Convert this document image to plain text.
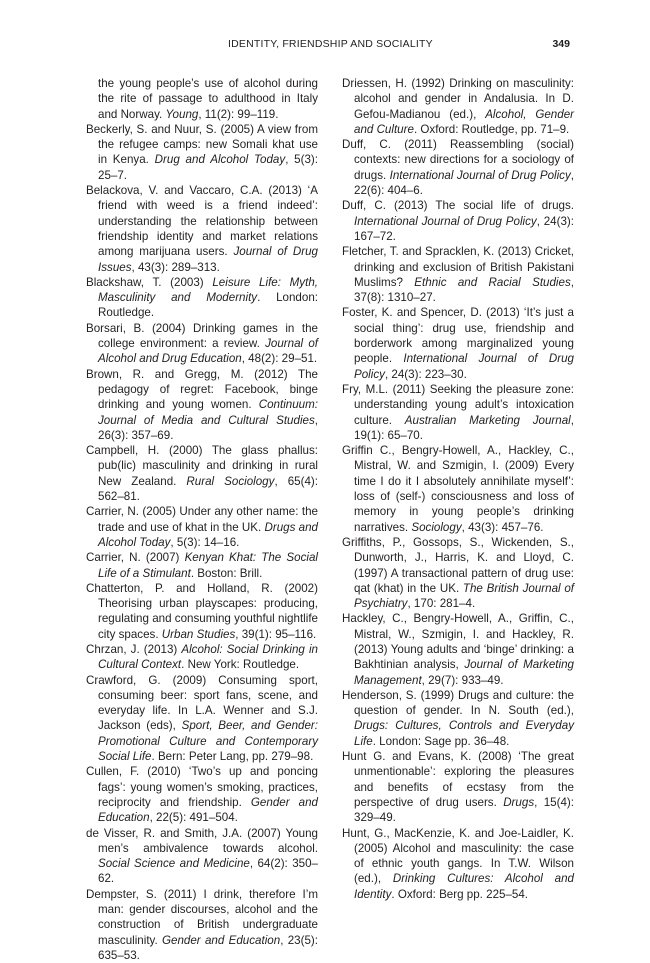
IDENTITY, FRIENDSHIP AND SOCIALITY	349

the young people’s use of alcohol during the rite of passage to adulthood in Italy and Norway. Young, 11(2): 99–119.

Beckerly, S. and Nuur, S. (2005) A view from the refugee camps: new Somali khat use in Kenya. Drug and Alcohol Today, 5(3): 25–7.

Belackova, V. and Vaccaro, C.A. (2013) ‘A friend with weed is a friend indeed’: understanding the relationship between friendship identity and market relations among marijuana users. Journal of Drug Issues, 43(3): 289–313.

Blackshaw, T. (2003) Leisure Life: Myth, Masculinity and Modernity. London: Routledge.

Borsari, B. (2004) Drinking games in the college environment: a review. Journal of Alcohol and Drug Education, 48(2): 29–51.

Brown, R. and Gregg, M. (2012) The pedagogy of regret: Facebook, binge drinking and young women. Continuum: Journal of Media and Cultural Studies, 26(3): 357–69.

Campbell, H. (2000) The glass phallus: pub(lic) masculinity and drinking in rural New Zealand. Rural Sociology, 65(4): 562–81.

Carrier, N. (2005) Under any other name: the trade and use of khat in the UK. Drugs and Alcohol Today, 5(3): 14–16.

Carrier, N. (2007) Kenyan Khat: The Social Life of a Stimulant. Boston: Brill.

Chatterton, P. and Holland, R. (2002) Theorising urban playscapes: producing, regulating and consuming youthful nightlife city spaces. Urban Studies, 39(1): 95–116.

Chrzan, J. (2013) Alcohol: Social Drinking in Cultural Context. New York: Routledge.

Crawford, G. (2009) Consuming sport, consuming beer: sport fans, scene, and everyday life. In L.A. Wenner and S.J. Jackson (eds), Sport, Beer, and Gender: Promotional Culture and Contemporary Social Life. Bern: Peter Lang, pp. 279–98.

Cullen, F. (2010) ‘Two’s up and poncing fags’: young women’s smoking, practices, reciprocity and friendship. Gender and Education, 22(5): 491–504.

de Visser, R. and Smith, J.A. (2007) Young men’s ambivalence towards alcohol. Social Science and Medicine, 64(2): 350–62.

Dempster, S. (2011) I drink, therefore I’m man: gender discourses, alcohol and the construction of British undergraduate masculinity. Gender and Education, 23(5): 635–53.

Driessen, H. (1992) Drinking on masculinity: alcohol and gender in Andalusia. In D. Gefou-Madianou (ed.), Alcohol, Gender and Culture. Oxford: Routledge, pp. 71–9.

Duff, C. (2011) Reassembling (social) contexts: new directions for a sociology of drugs. International Journal of Drug Policy, 22(6): 404–6.

Duff, C. (2013) The social life of drugs. International Journal of Drug Policy, 24(3): 167–72.

Fletcher, T. and Spracklen, K. (2013) Cricket, drinking and exclusion of British Pakistani Muslims? Ethnic and Racial Studies, 37(8): 1310–27.

Foster, K. and Spencer, D. (2013) ‘It’s just a social thing’: drug use, friendship and borderwork among marginalized young people. International Journal of Drug Policy, 24(3): 223–30.

Fry, M.L. (2011) Seeking the pleasure zone: understanding young adult’s intoxication culture. Australian Marketing Journal, 19(1): 65–70.

Griffin C., Bengry-Howell, A., Hackley, C., Mistral, W. and Szmigin, I. (2009) Every time I do it I absolutely annihilate myself’: loss of (self-) consciousness and loss of memory in young people’s drinking narratives. Sociology, 43(3): 457–76.

Griffiths, P., Gossops, S., Wickenden, S., Dunworth, J., Harris, K. and Lloyd, C. (1997) A transactional pattern of drug use: qat (khat) in the UK. The British Journal of Psychiatry, 170: 281–4.

Hackley, C., Bengry-Howell, A., Griffin, C., Mistral, W., Szmigin, I. and Hackley, R. (2013) Young adults and ‘binge’ drinking: a Bakhtinian analysis, Journal of Marketing Management, 29(7): 933–49.

Henderson, S. (1999) Drugs and culture: the question of gender. In N. South (ed.), Drugs: Cultures, Controls and Everyday Life. London: Sage pp. 36–48.

Hunt G. and Evans, K. (2008) ‘The great unmentionable’: exploring the pleasures and benefits of ecstasy from the perspective of drug users. Drugs, 15(4): 329–49.

Hunt, G., MacKenzie, K. and Joe-Laidler, K. (2005) Alcohol and masculinity: the case of ethnic youth gangs. In T.W. Wilson (ed.), Drinking Cultures: Alcohol and Identity. Oxford: Berg pp. 225–54.
